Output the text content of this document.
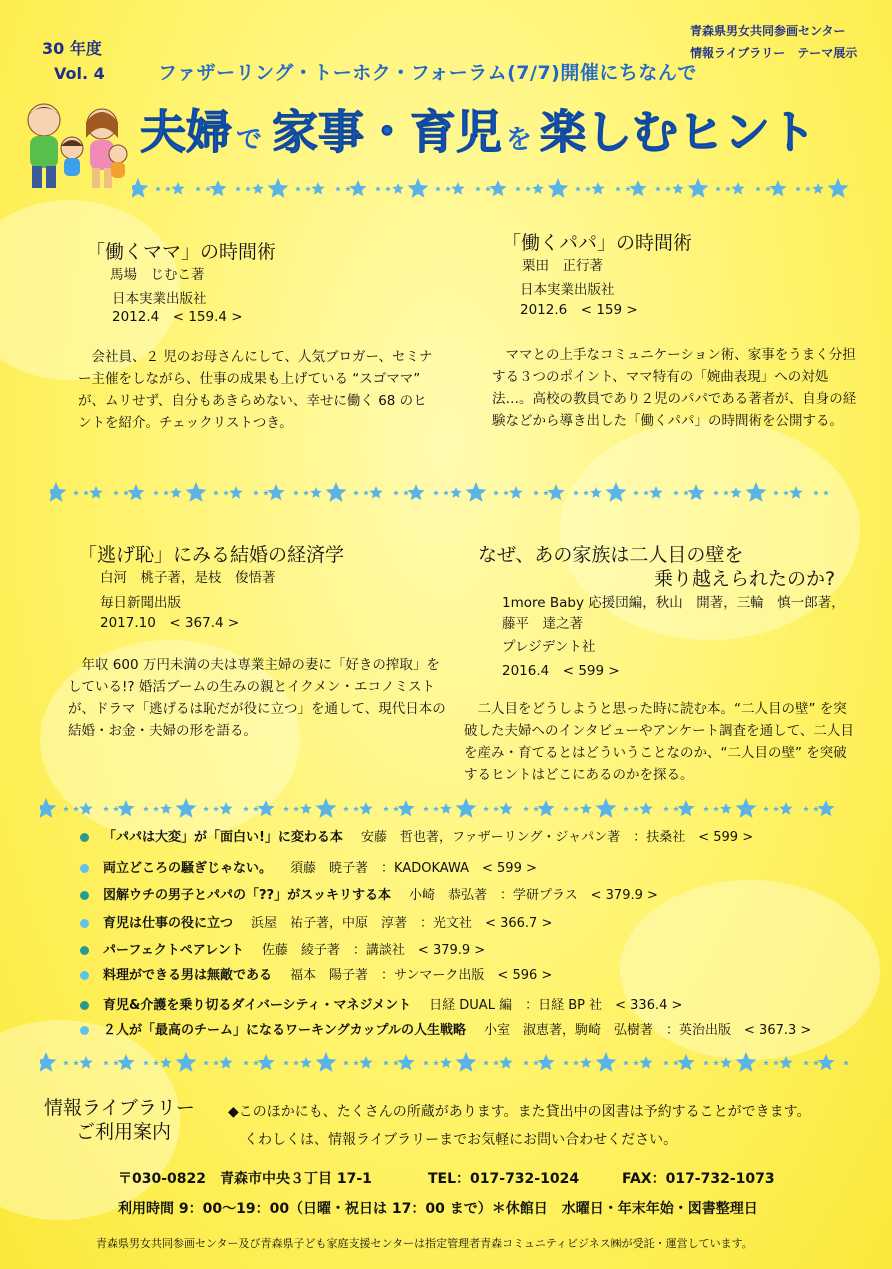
30 年度
Vol. 4
青森県男女共同参画センター
情報ライブラリー　テーマ展示
ファザーリング・トーホク・フォーラム(7/7)開催にちなんで
夫婦 で 家事・育児 を 楽しむヒント
「働くママ」の時間術
馬場　じむこ著
日本実業出版社
2012.4　< 159.4 >
　会社員、２ 児のお母さんにして、人気ブロガー、セミナー主催をしながら、仕事の成果も上げている “スゴママ” が、ムリせず、自分もあきらめない、幸せに働く 68 のヒントを紹介。チェックリストつき。
「働くパパ」の時間術
栗田　正行著
日本実業出版社
2012.6　< 159 >
　ママとの上手なコミュニケーション術、家事をうまく分担する３つのポイント、ママ特有の「婉曲表現」への対処法…。高校の教員であり２児のパパである著者が、自身の経験などから導き出した「働くパパ」の時間術を公開する。
「逃げ恥」にみる結婚の経済学
白河　桃子著，是枝　俊悟著
毎日新聞出版
2017.10　< 367.4 >
　年収 600 万円未満の夫は専業主婦の妻に「好きの搾取」をしている!? 婚活ブームの生みの親とイクメン・エコノミストが、ドラマ「逃げるは恥だが役に立つ」を通して、現代日本の結婚・お金・夫婦の形を語る。
なぜ、あの家族は二人目の壁を
乗り越えられたのか?
1more Baby 応援団編，秋山　開著，三輪　慎一郎著，
藤平　達之著
プレジデント社
2016.4　< 599 >
　二人目をどうしようと思った時に読む本。“二人目の壁” を突破した夫婦へのインタビューやアンケート調査を通して、二人目を産み・育てるとはどういうことなのか、“二人目の壁” を突破するヒントはどこにあるのかを探る。
「パパは大変」が「面白い!」に変わる本 安藤　哲也著，ファザーリング・ジャパン著　 ：扶桑社　 < 599 >
両立どころの騒ぎじゃない。 須藤　暁子著　 ：KADOKAWA　 < 599 >
図解ウチの男子とパパの「??」がスッキリする本 小崎　恭弘著　 ：学研プラス　 < 379.9 >
育児は仕事の役に立つ 浜屋　祐子著，中原　淳著　 ：光文社　 < 366.7 >
パーフェクトペアレント 佐藤　綾子著　 ：講談社　 < 379.9 >
料理ができる男は無敵である 福本　陽子著　 ：サンマーク出版　 < 596 >
育児&介護を乗り切るダイバーシティ・マネジメント 日経 DUAL 編　 ：日経 BP 社　 < 336.4 >
２人が「最高のチーム」になるワーキングカップルの人生戦略 小室　淑恵著，駒崎　弘樹著　 ：英治出版　 < 367.3 >
情報ライブラリー
ご利用案内
◆このほかにも、たくさんの所蔵があります。また貸出中の図書は予約することができます。
くわしくは、情報ライブラリーまでお気軽にお問い合わせください。
〒030-0822　青森市中央３丁目 17-1	TEL：017-732-1024	FAX：017-732-1073
利用時間 9：00～19：00（日曜・祝日は 17：00 まで）＊休館日　水曜日・年末年始・図書整理日
青森県男女共同参画センター及び青森県子ども家庭支援センターは指定管理者青森コミュニティビジネス㈱が受託・運営しています。
